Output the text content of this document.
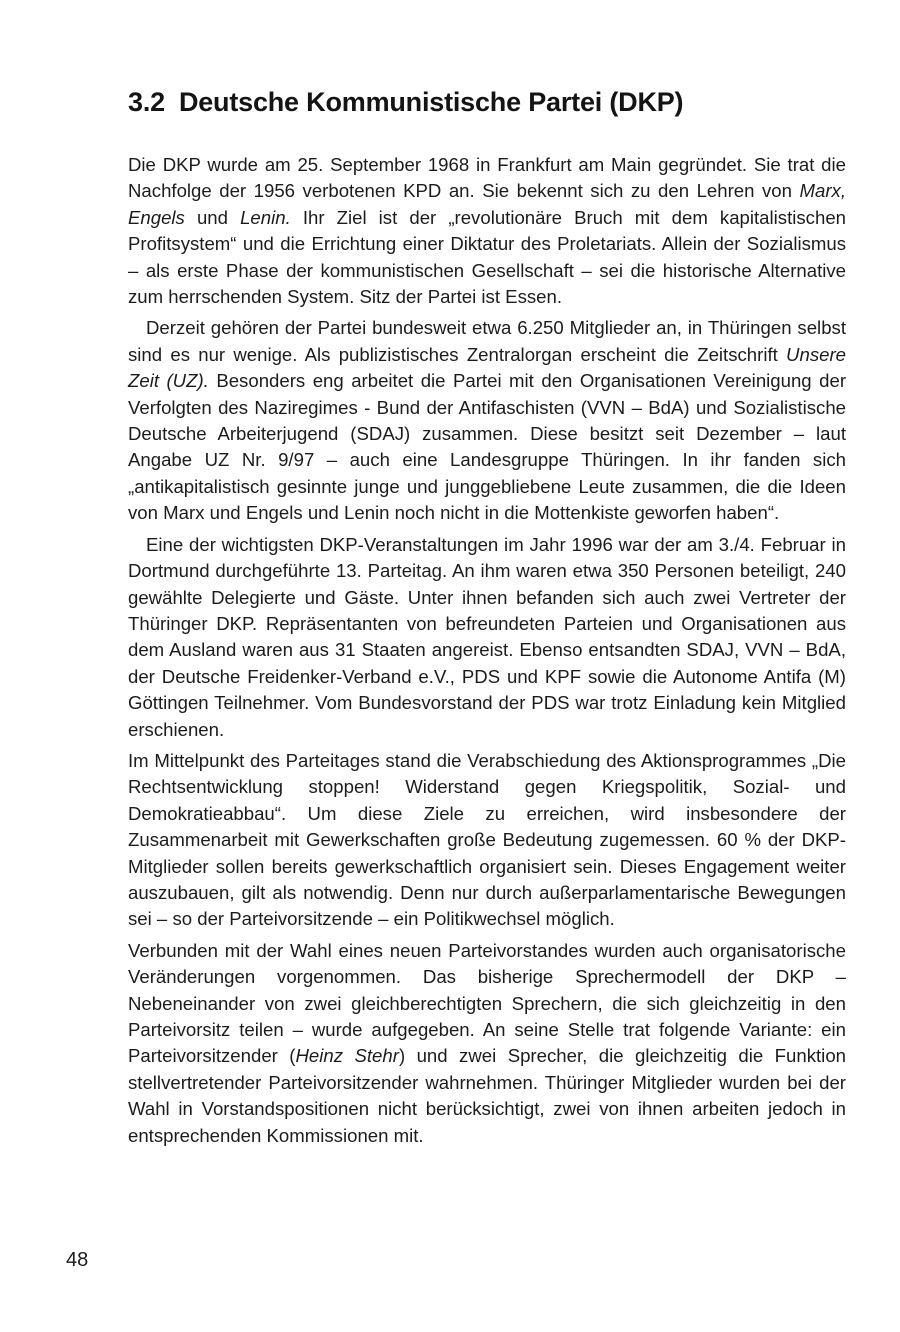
3.2 Deutsche Kommunistische Partei (DKP)

Die DKP wurde am 25. September 1968 in Frankfurt am Main gegründet. Sie trat die Nachfolge der 1956 verbotenen KPD an. Sie bekennt sich zu den Lehren von Marx, Engels und Lenin. Ihr Ziel ist der „revolutionäre Bruch mit dem kapitalistischen Profitsystem“ und die Errichtung einer Diktatur des Proletariats. Allein der Sozialismus – als erste Phase der kommunistischen Gesellschaft – sei die historische Alternative zum herrschenden System. Sitz der Partei ist Essen.

Derzeit gehören der Partei bundesweit etwa 6.250 Mitglieder an, in Thüringen selbst sind es nur wenige. Als publizistisches Zentralorgan erscheint die Zeitschrift Unsere Zeit (UZ). Besonders eng arbeitet die Partei mit den Organisationen Vereinigung der Verfolgten des Naziregimes - Bund der Antifaschisten (VVN – BdA) und Sozialistische Deutsche Arbeiterjugend (SDAJ) zusammen. Diese besitzt seit Dezember – laut Angabe UZ Nr. 9/97 – auch eine Landesgruppe Thüringen. In ihr fanden sich „antikapitalistisch gesinnte junge und junggebliebene Leute zusammen, die die Ideen von Marx und Engels und Lenin noch nicht in die Mottenkiste geworfen haben“.

Eine der wichtigsten DKP-Veranstaltungen im Jahr 1996 war der am 3./4. Februar in Dortmund durchgeführte 13. Parteitag. An ihm waren etwa 350 Personen beteiligt, 240 gewählte Delegierte und Gäste. Unter ihnen befanden sich auch zwei Vertreter der Thüringer DKP. Repräsentanten von befreundeten Parteien und Organisationen aus dem Ausland waren aus 31 Staaten angereist. Ebenso entsandten SDAJ, VVN – BdA, der Deutsche Freidenker-Verband e.V., PDS und KPF sowie die Autonome Antifa (M) Göttingen Teilnehmer. Vom Bundesvorstand der PDS war trotz Einladung kein Mitglied erschienen.

Im Mittelpunkt des Parteitages stand die Verabschiedung des Aktionsprogrammes „Die Rechtsentwicklung stoppen! Widerstand gegen Kriegspolitik, Sozial- und Demokratieabbau“. Um diese Ziele zu erreichen, wird insbesondere der Zusammenarbeit mit Gewerkschaften große Bedeutung zugemessen. 60 % der DKP-Mitglieder sollen bereits gewerkschaftlich organisiert sein. Dieses Engagement weiter auszubauen, gilt als notwendig. Denn nur durch außerparlamentarische Bewegungen sei – so der Parteivorsitzende – ein Politikwechsel möglich.

Verbunden mit der Wahl eines neuen Parteivorstandes wurden auch organisatorische Veränderungen vorgenommen. Das bisherige Sprechermodell der DKP – Nebeneinander von zwei gleichberechtigten Sprechern, die sich gleichzeitig in den Parteivorsitz teilen – wurde aufgegeben. An seine Stelle trat folgende Variante: ein Parteivorsitzender (Heinz Stehr) und zwei Sprecher, die gleichzeitig die Funktion stellvertretender Parteivorsitzender wahrnehmen. Thüringer Mitglieder wurden bei der Wahl in Vorstandspositionen nicht berücksichtigt, zwei von ihnen arbeiten jedoch in entsprechenden Kommissionen mit.

48
